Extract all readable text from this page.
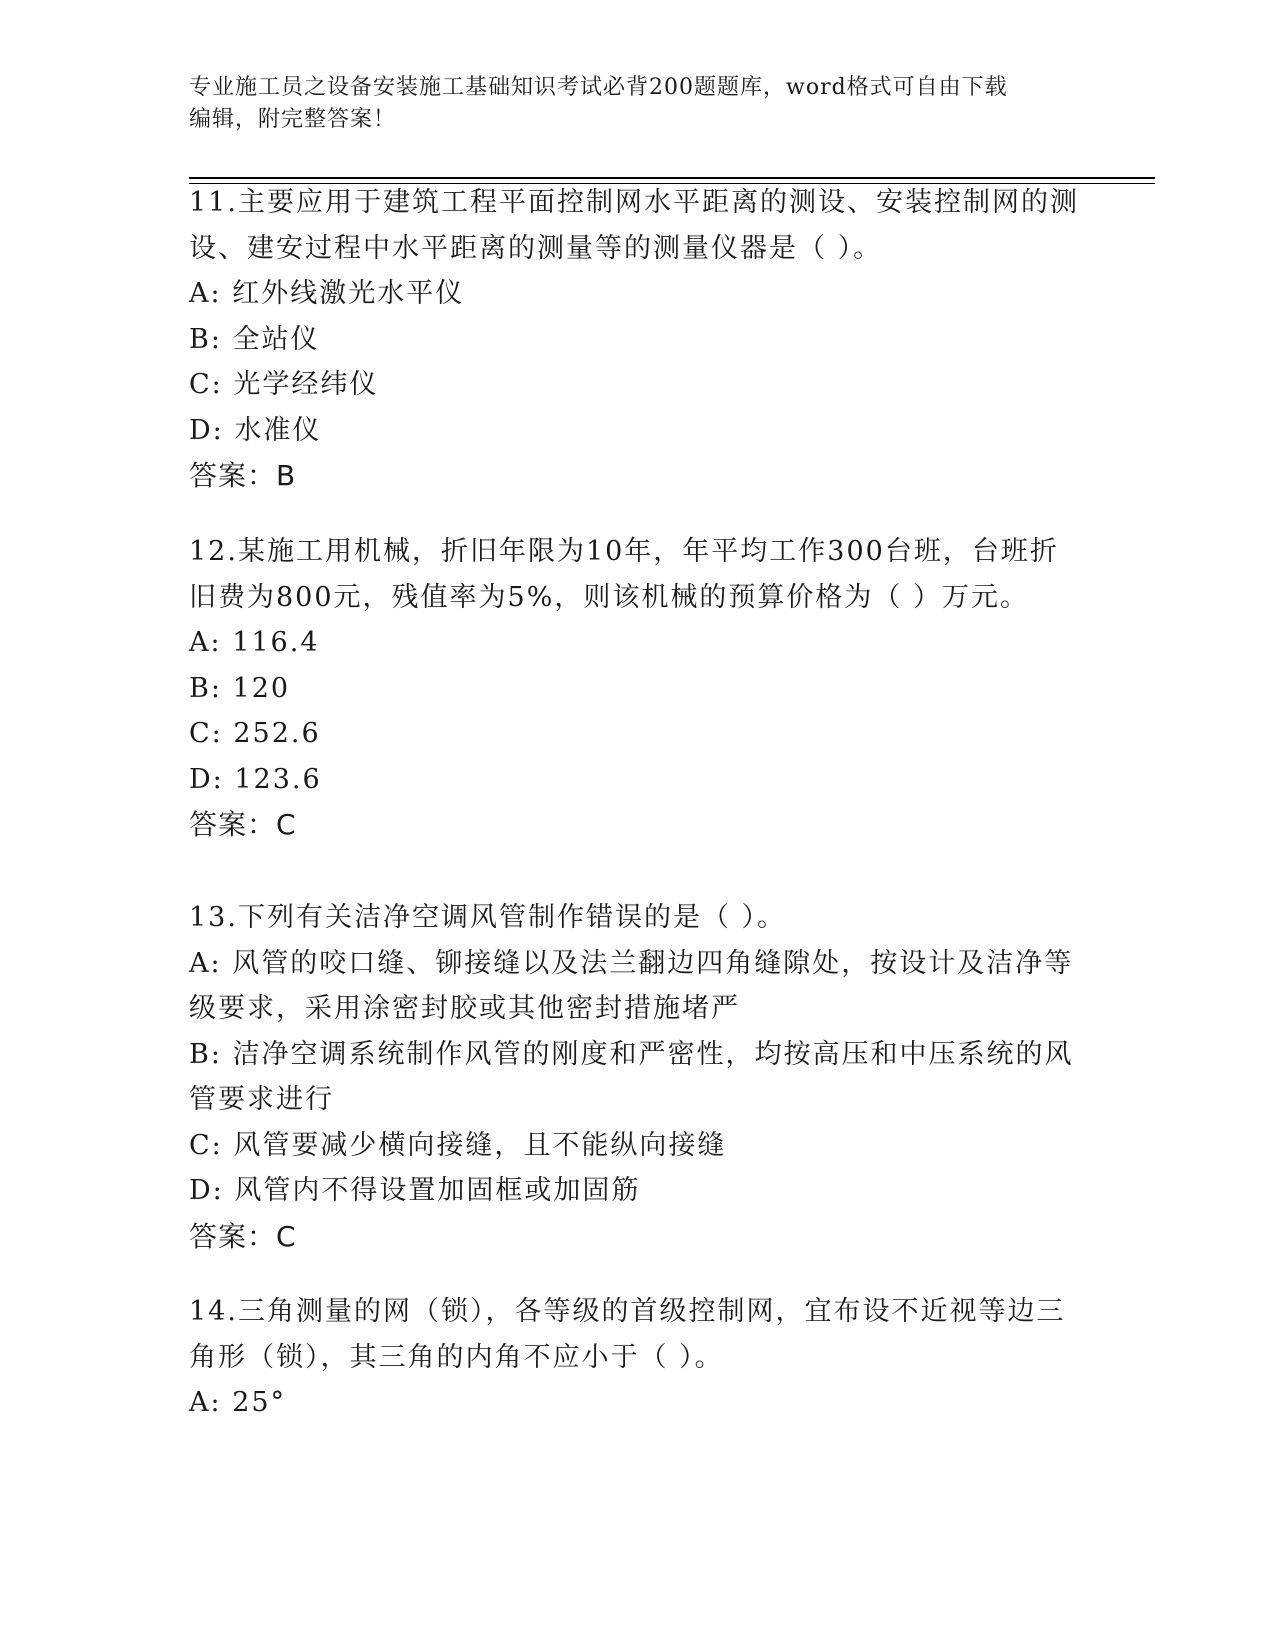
专业施工员之设备安装施工基础知识考试必背200题题库，word格式可自由下载
编辑，附完整答案！

11.主要应用于建筑工程平面控制网水平距离的测设、安装控制网的测

设、建安过程中水平距离的测量等的测量仪器是（ ）。

A: 红外线激光水平仪

B: 全站仪

C: 光学经纬仪

D: 水准仪

答案：B

12.某施工用机械，折旧年限为10年，年平均工作300台班，台班折

旧费为800元，残值率为5%，则该机械的预算价格为（ ）万元。

A: 116.4

B: 120

C: 252.6

D: 123.6

答案：C

13.下列有关洁净空调风管制作错误的是（ ）。

A: 风管的咬口缝、铆接缝以及法兰翻边四角缝隙处，按设计及洁净等

级要求，采用涂密封胶或其他密封措施堵严

B: 洁净空调系统制作风管的刚度和严密性，均按高压和中压系统的风

管要求进行

C: 风管要减少横向接缝，且不能纵向接缝

D: 风管内不得设置加固框或加固筋

答案：C

14.三角测量的网（锁），各等级的首级控制网，宜布设不近视等边三

角形（锁），其三角的内角不应小于（ ）。

A: 25°
